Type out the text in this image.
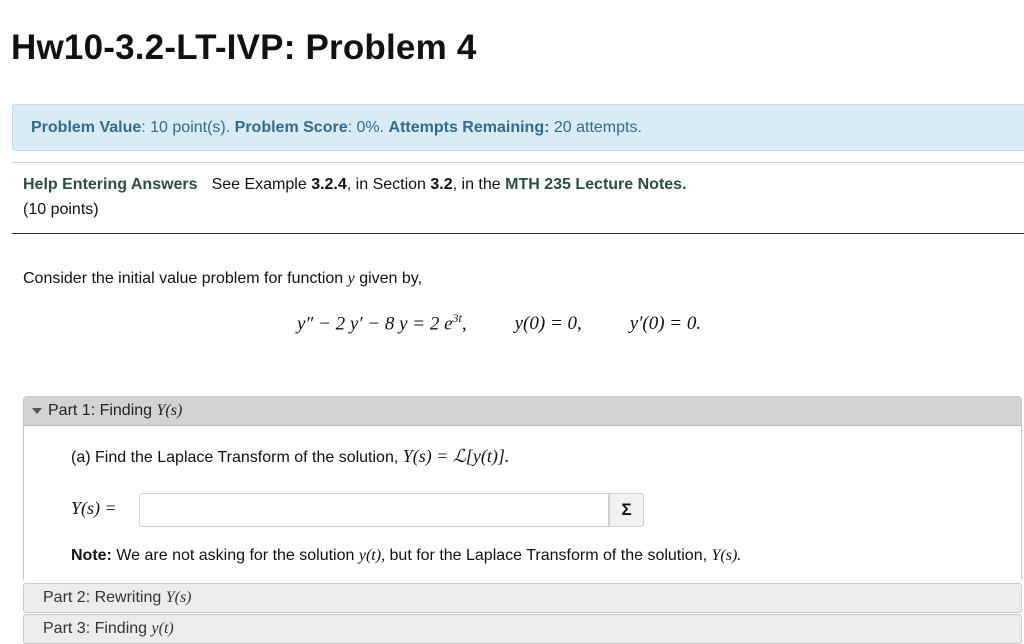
Hw10-3.2-LT-IVP: Problem 4
Problem Value: 10 point(s). Problem Score: 0%. Attempts Remaining: 20 attempts.
Help Entering Answers See Example 3.2.4, in Section 3.2, in the MTH 235 Lecture Notes.
(10 points)
Consider the initial value problem for function y given by,
y″ − 2 y′ − 8 y = 2 $e^{3t}$,	y(0) = 0,	y′(0) = 0.
Part 1: Finding
Y(s)
(a) Find the Laplace Transform of the solution, Y(s) = ℒ[y(t)].
Y(s) =	Σ
Note: We are not asking for the solution y(t), but for the Laplace Transform of the solution, Y(s).
Part 2: Rewriting
Y(s)
Part 3: Finding
y(t)
